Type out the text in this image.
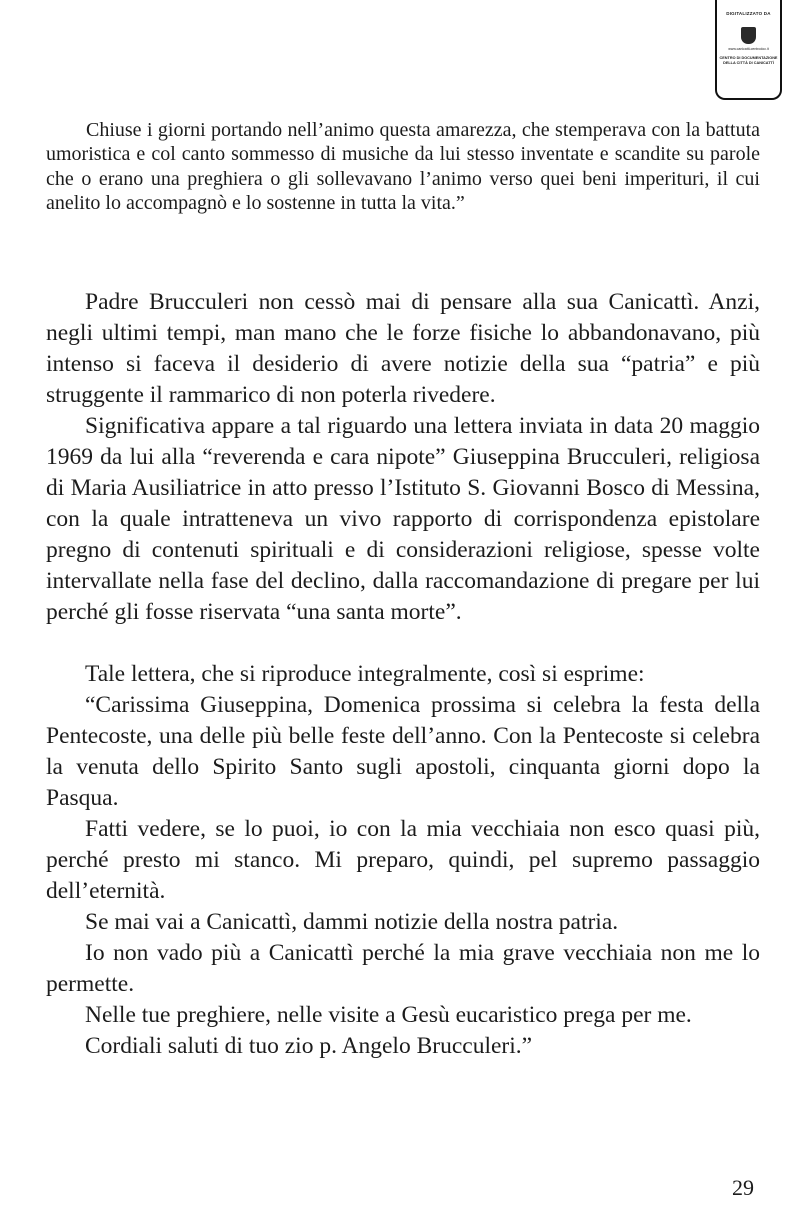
DIGITALIZZATO DA
www.canicatti-centrodoc.it
CENTRO DI DOCUMENTAZIONE
DELLA CITTÀ DI CANICATTÌ

Chiuse i giorni portando nell’animo questa amarezza, che stemperava con la battuta umoristica e col canto sommesso di musiche da lui stesso inventate e scandite su parole che o erano una preghiera o gli sollevavano l’animo verso quei beni imperituri, il cui anelito lo accompagnò e lo sostenne in tutta la vita.”

Padre Brucculeri non cessò mai di pensare alla sua Canicattì. Anzi, negli ultimi tempi, man mano che le forze fisiche lo abbandonavano, più intenso si faceva il desiderio di avere notizie della sua “patria” e più struggente il rammarico di non poterla rivedere.

Significativa appare a tal riguardo una lettera inviata in data 20 maggio 1969 da lui alla “reverenda e cara nipote” Giuseppina Brucculeri, religiosa di Maria Ausiliatrice in atto presso l’Istituto S. Giovanni Bosco di Messina, con la quale intratteneva un vivo rapporto di corrispondenza epistolare pregno di contenuti spirituali e di considerazioni religiose, spesse volte intervallate nella fase del declino, dalla raccomandazione di pregare per lui perché gli fosse riservata “una santa morte”.

Tale lettera, che si riproduce integralmente, così si esprime:

“Carissima Giuseppina, Domenica prossima si celebra la festa della Pentecoste, una delle più belle feste dell’anno. Con la Pentecoste si celebra la venuta dello Spirito Santo sugli apostoli, cinquanta giorni dopo la Pasqua.

Fatti vedere, se lo puoi, io con la mia vecchiaia non esco quasi più, perché presto mi stanco. Mi preparo, quindi, pel supremo passaggio dell’eternità.

Se mai vai a Canicattì, dammi notizie della nostra patria.

Io non vado più a Canicattì perché la mia grave vecchiaia non me lo permette.

Nelle tue preghiere, nelle visite a Gesù eucaristico prega per me.

Cordiali saluti di tuo zio p. Angelo Brucculeri.”

29
